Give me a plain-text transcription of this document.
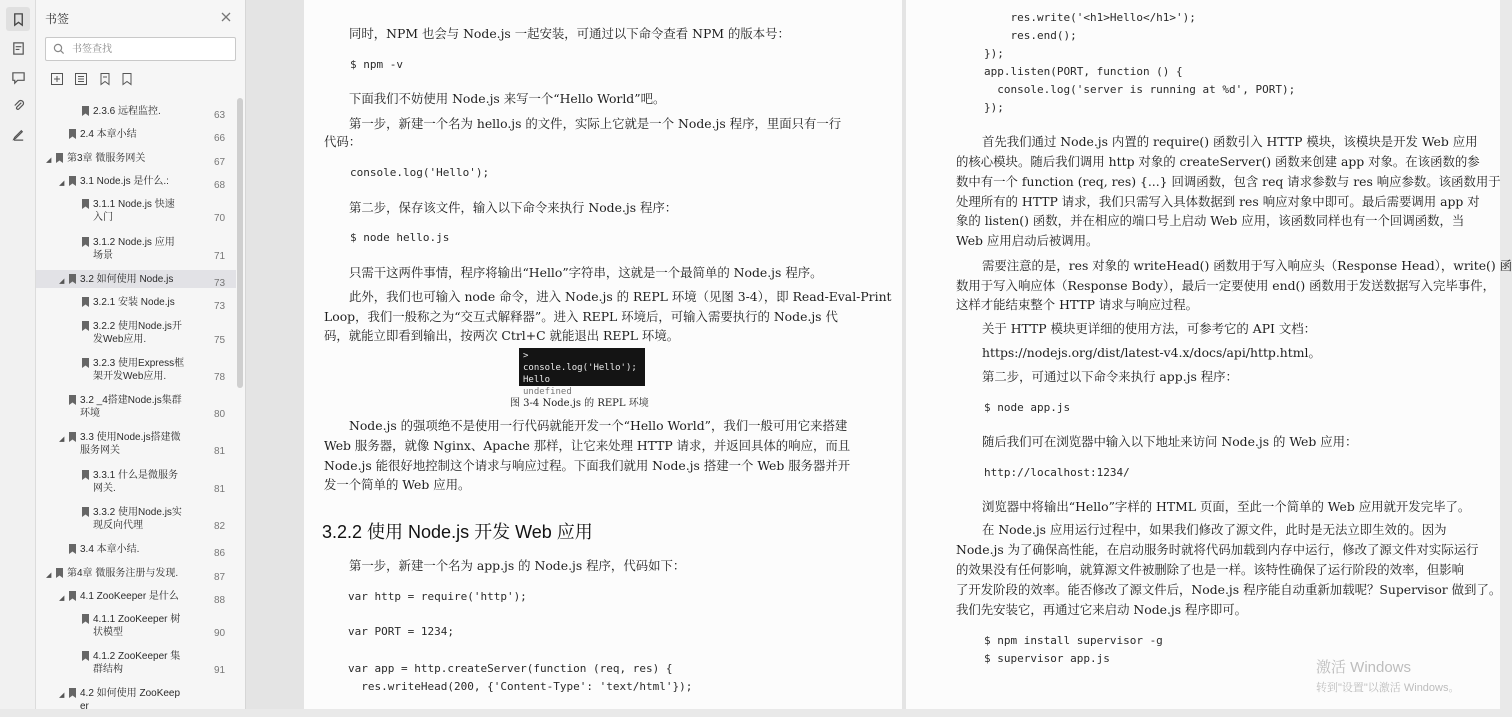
书签
书签查找
2.3.6 远程监控.	63
2.4 本章小结	66
◢ 第3章 微服务网关	67
◢ 3.1 Node.js 是什么.:	68
3.1.1 Node.js 快速
入门	70
3.1.2 Node.js 应用
场景	71
◢ 3.2 如何使用 Node.js	73
3.2.1 安装 Node.js	73
3.2.2 使用Node.js开
发Web应用.	75
3.2.3 使用Express框
架开发Web应用.	78
3.2 _4搭建Node.js集群
环境	80
◢ 3.3 使用Node.js搭建微
服务网关	81
3.3.1 什么是微服务
网关.	81
3.3.2 使用Node.js实
现反向代理	82
3.4 本章小结.	86
◢ 第4章 微服务注册与发现.	87
◢ 4.1 ZooKeeper 是什么	88
4.1.1 ZooKeeper 树
状模型	90
4.1.2 ZooKeeper 集
群结构	91
◢ 4.2 如何使用 ZooKeep
er
同时，NPM 也会与 Node.js 一起安装，可通过以下命令查看 NPM 的版本号：
$ npm -v
下面我们不妨使用 Node.js 来写一个“Hello World”吧。
第一步，新建一个名为 hello.js 的文件，实际上它就是一个 Node.js 程序，里面只有一行
代码：
console.log('Hello');
第二步，保存该文件，输入以下命令来执行 Node.js 程序：
$ node hello.js
只需干这两件事情，程序将输出“Hello”字符串，这就是一个最简单的 Node.js 程序。
此外，我们也可输入 node 命令，进入 Node.js 的 REPL 环境（见图 3-4），即 Read-Eval-Print
Loop，我们一般称之为“交互式解释器”。进入 REPL 环境后，可输入需要执行的 Node.js 代
码，就能立即看到输出，按两次 Ctrl+C 就能退出 REPL 环境。
> console.log('Hello');
Hello
undefined
图 3-4 Node.js 的 REPL 环境
Node.js 的强项绝不是使用一行代码就能开发一个“Hello World”，我们一般可用它来搭建
Web 服务器，就像 Nginx、Apache 那样，让它来处理 HTTP 请求，并返回具体的响应，而且
Node.js 能很好地控制这个请求与响应过程。下面我们就用 Node.js 搭建一个 Web 服务器并开
发一个简单的 Web 应用。
3.2.2 使用 Node.js 开发 Web 应用
第一步，新建一个名为 app.js 的 Node.js 程序，代码如下：
var http = require('http');
var PORT = 1234;
var app = http.createServer(function (req, res) {
res.writeHead(200, {'Content-Type': 'text/html'});
res.write('<h1>Hello</h1>');
res.end();
});
app.listen(PORT, function () {
console.log('server is running at %d', PORT);
});
首先我们通过 Node.js 内置的 require() 函数引入 HTTP 模块，该模块是开发 Web 应用
的核心模块。随后我们调用 http 对象的 createServer() 函数来创建 app 对象。在该函数的参
数中有一个 function (req, res) {...} 回调函数，包含 req 请求参数与 res 响应参数。该函数用于
处理所有的 HTTP 请求，我们只需写入具体数据到 res 响应对象中即可。最后需要调用 app 对
象的 listen() 函数，并在相应的端口号上启动 Web 应用，该函数同样也有一个回调函数，当
Web 应用启动后被调用。
需要注意的是，res 对象的 writeHead() 函数用于写入响应头（Response Head），write() 函
数用于写入响应体（Response Body），最后一定要使用 end() 函数用于发送数据写入完毕事件，
这样才能结束整个 HTTP 请求与响应过程。
关于 HTTP 模块更详细的使用方法，可参考它的 API 文档：
https://nodejs.org/dist/latest-v4.x/docs/api/http.html。
第二步，可通过以下命令来执行 app.js 程序：
$ node app.js
随后我们可在浏览器中输入以下地址来访问 Node.js 的 Web 应用：
http://localhost:1234/
浏览器中将输出“Hello”字样的 HTML 页面，至此一个简单的 Web 应用就开发完毕了。
在 Node.js 应用运行过程中，如果我们修改了源文件，此时是无法立即生效的。因为
Node.js 为了确保高性能，在启动服务时就将代码加载到内存中运行，修改了源文件对实际运行
的效果没有任何影响，就算源文件被删除了也是一样。该特性确保了运行阶段的效率，但影响
了开发阶段的效率。能否修改了源文件后，Node.js 程序能自动重新加载呢？Supervisor 做到了。
我们先安装它，再通过它来启动 Node.js 程序即可。
$ npm install supervisor -g
$ supervisor app.js
激活 Windows
转到"设置"以激活 Windows。
